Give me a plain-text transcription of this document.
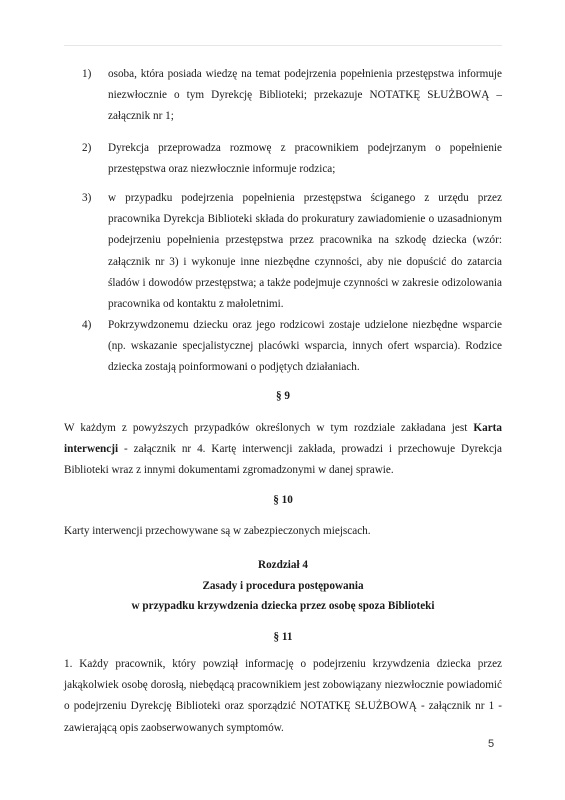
1) osoba, która posiada wiedzę na temat podejrzenia popełnienia przestępstwa informuje niezwłocznie o tym Dyrekcję Biblioteki; przekazuje NOTATKĘ SŁUŻBOWĄ – załącznik nr 1;
2) Dyrekcja przeprowadza rozmowę z pracownikiem podejrzanym o popełnienie przestępstwa oraz niezwłocznie informuje rodzica;
3) w przypadku podejrzenia popełnienia przestępstwa ściganego z urzędu przez pracownika Dyrekcja Biblioteki składa do prokuratury zawiadomienie o uzasadnionym podejrzeniu popełnienia przestępstwa przez pracownika na szkodę dziecka (wzór: załącznik nr 3) i wykonuje inne niezbędne czynności, aby nie dopuścić do zatarcia śladów i dowodów przestępstwa; a także podejmuje czynności w zakresie odizolowania pracownika od kontaktu z małoletnimi.
4) Pokrzywdzonemu dziecku oraz jego rodzicowi zostaje udzielone niezbędne wsparcie (np. wskazanie specjalistycznej placówki wsparcia, innych ofert wsparcia). Rodzice dziecka zostają poinformowani o podjętych działaniach.
§ 9
W każdym z powyższych przypadków określonych w tym rozdziale zakładana jest Karta interwencji - załącznik nr 4. Kartę interwencji zakłada, prowadzi i przechowuje Dyrekcja Biblioteki wraz z innymi dokumentami zgromadzonymi w danej sprawie.
§ 10
Karty interwencji przechowywane są w zabezpieczonych miejscach.
Rozdział 4
Zasady i procedura postępowania
w przypadku krzywdzenia dziecka przez osobę spoza Biblioteki
§ 11
1. Każdy pracownik, który powziął informację o podejrzeniu krzywdzenia dziecka przez jakąkolwiek osobę dorosłą, niebędącą pracownikiem jest zobowiązany niezwłocznie powiadomić o podejrzeniu Dyrekcję Biblioteki oraz sporządzić NOTATKĘ SŁUŻBOWĄ - załącznik nr 1 - zawierającą opis zaobserwowanych symptomów.
5
